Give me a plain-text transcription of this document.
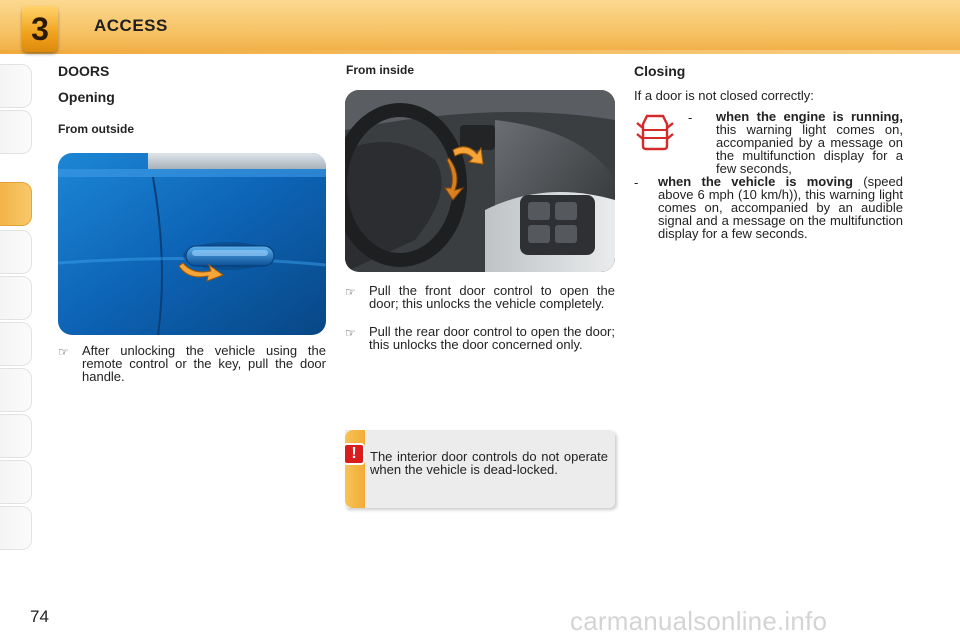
3	ACCESS
DOORS
Opening
From outside
☞	After unlocking the vehicle using the remote control or the key, pull the door handle.
From inside
☞	Pull the front door control to open the door; this unlocks the vehicle completely.
☞	Pull the rear door control to open the door; this unlocks the door concerned only.
!	The interior door controls do not operate when the vehicle is dead-locked.
Closing
If a door is not closed correctly:
- when the engine is running, this warning light comes on, accompanied by a message on the multifunction display for a few seconds,
- when the vehicle is moving (speed above 6 mph (10 km/h)), this warning light comes on, accompanied by an audible signal and a message on the multifunction display for a few seconds.
74	carmanualsonline.info
